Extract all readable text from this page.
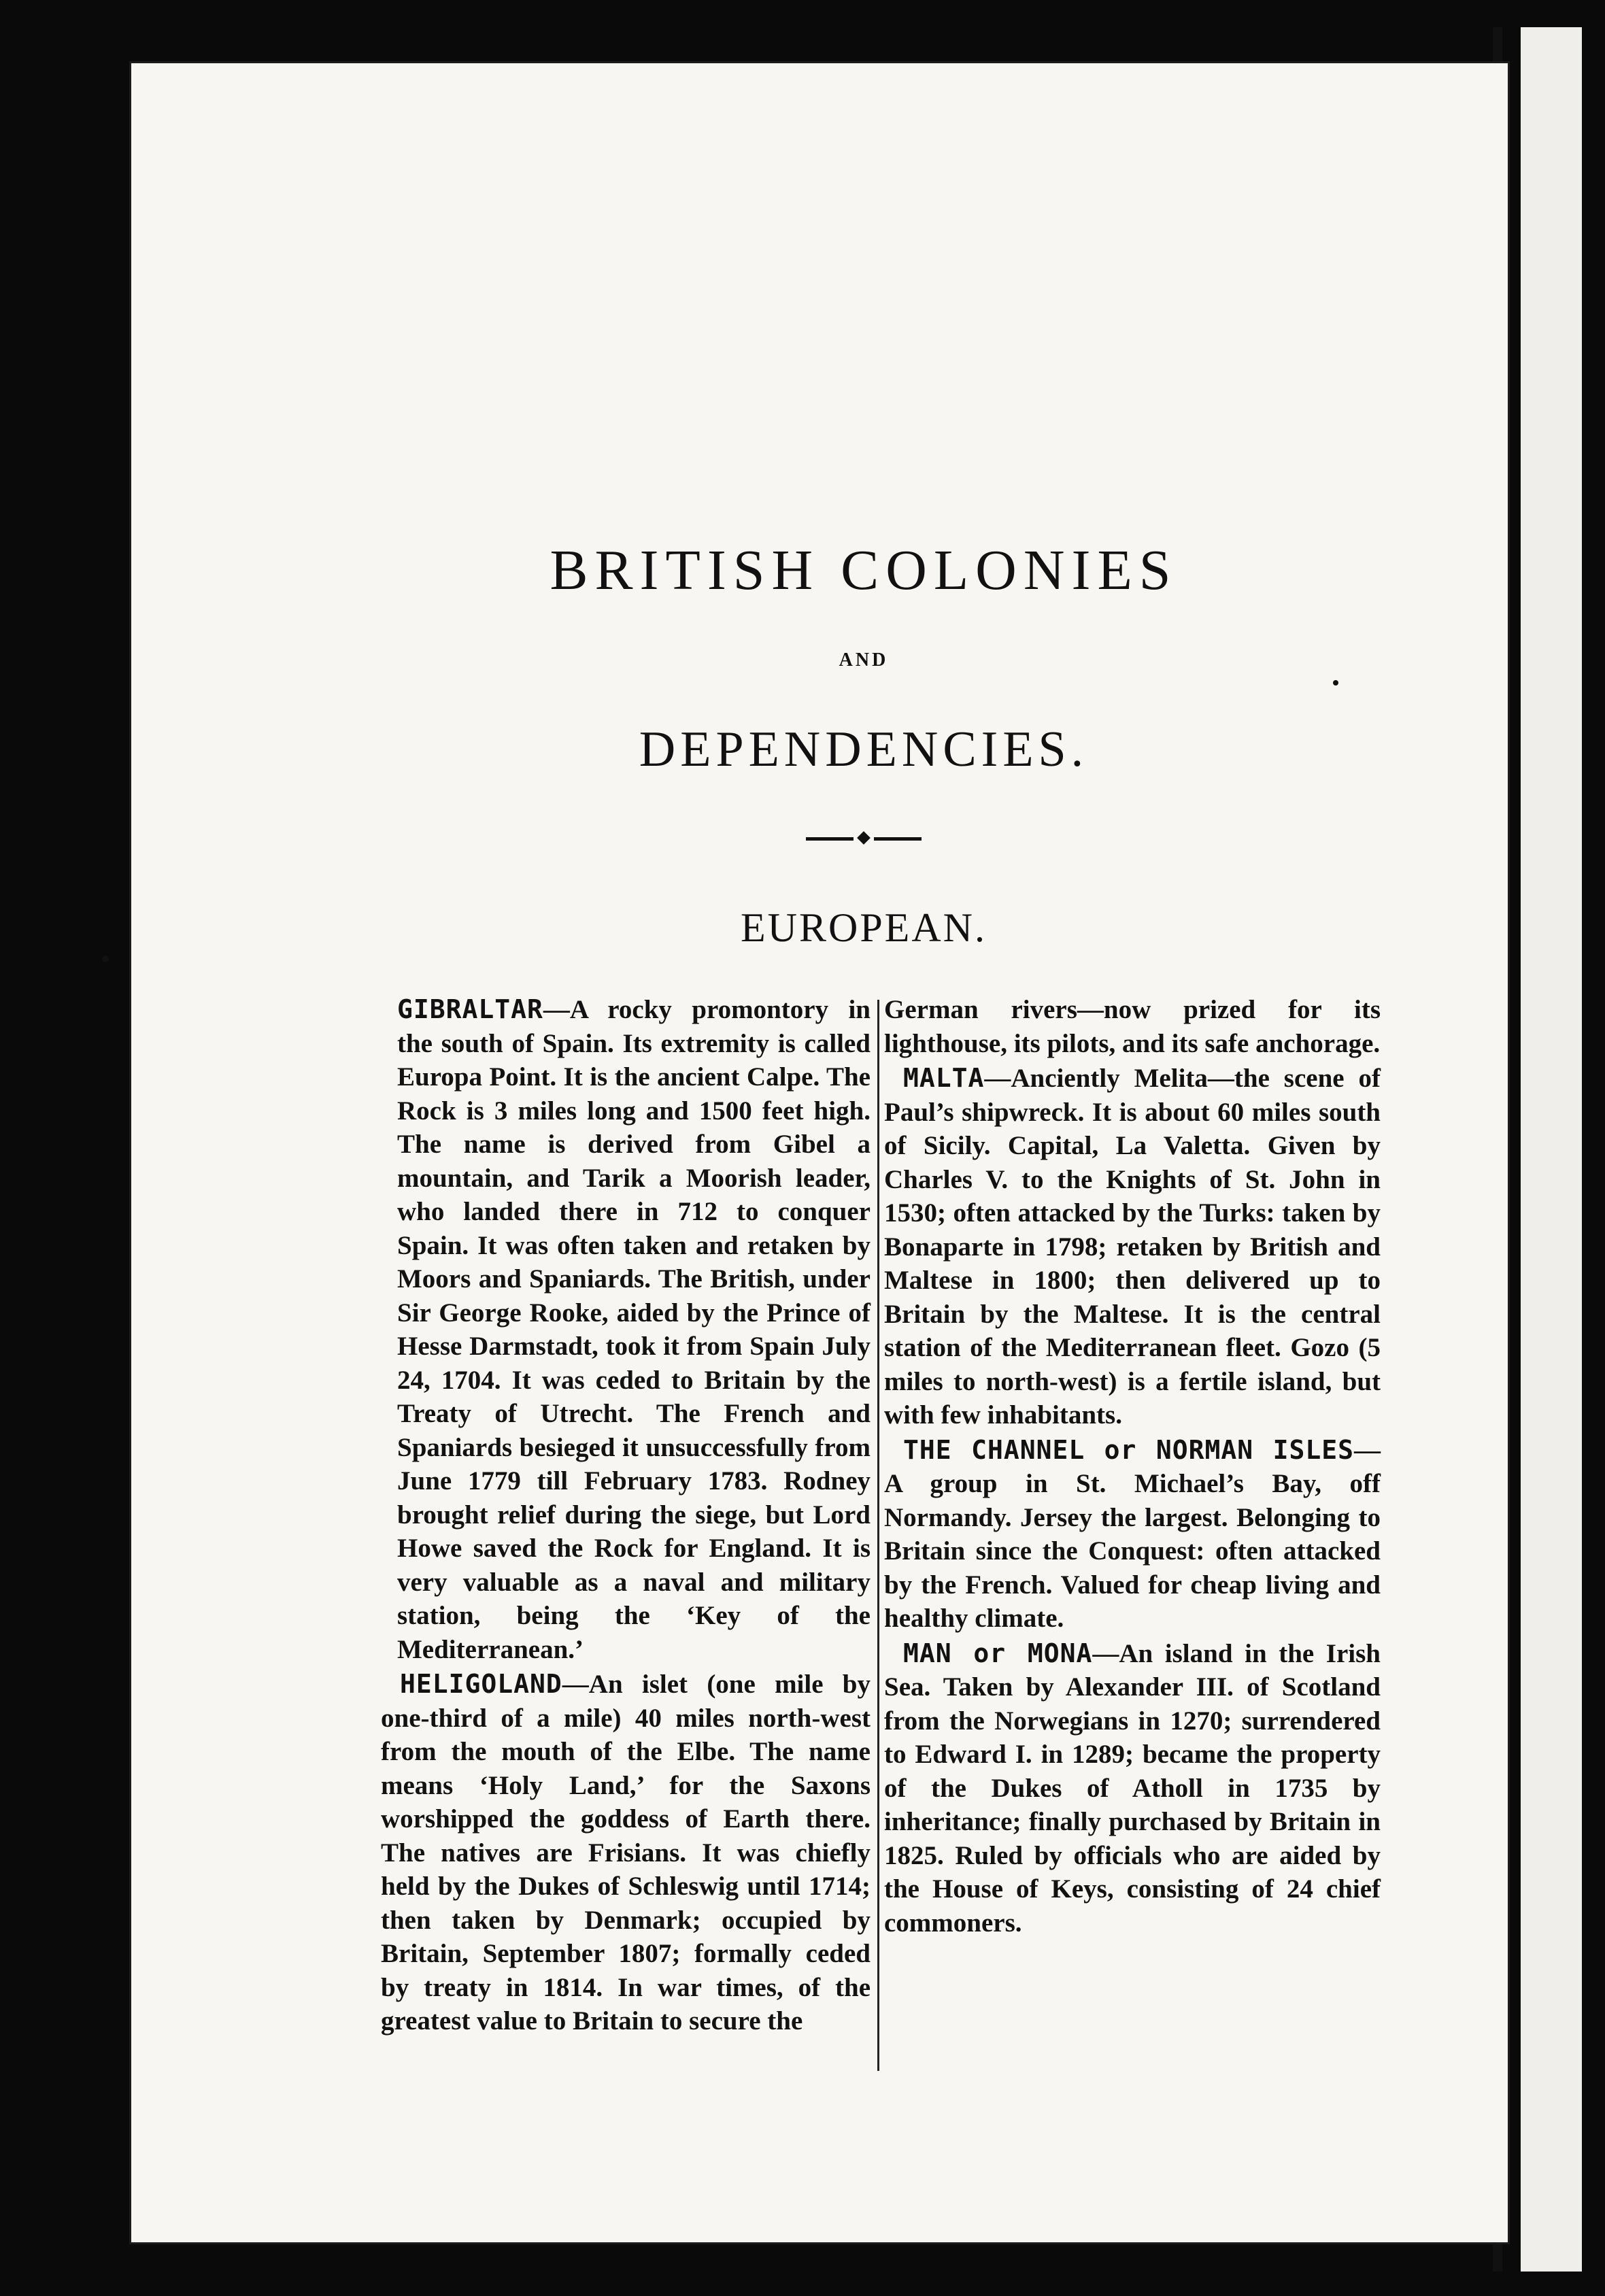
BRITISH COLONIES
AND
DEPENDENCIES.
EUROPEAN.

GIBRALTAR—A rocky promontory in the south of Spain. Its extremity is called Europa Point. It is the ancient Calpe. The Rock is 3 miles long and 1500 feet high. The name is derived from Gibel a mountain, and Tarik a Moorish leader, who landed there in 712 to conquer Spain. It was often taken and retaken by Moors and Spaniards. The British, under Sir George Rooke, aided by the Prince of Hesse Darmstadt, took it from Spain July 24, 1704. It was ceded to Britain by the Treaty of Utrecht. The French and Spaniards besieged it unsuccessfully from June 1779 till February 1783. Rodney brought relief during the siege, but Lord Howe saved the Rock for England. It is very valuable as a naval and military station, being the ‘Key of the Mediterranean.’

HELIGOLAND—An islet (one mile by one-third of a mile) 40 miles north-west from the mouth of the Elbe. The name means ‘Holy Land,’ for the Saxons worshipped the goddess of Earth there. The natives are Frisians. It was chiefly held by the Dukes of Schleswig until 1714; then taken by Denmark; occupied by Britain, September 1807; formally ceded by treaty in 1814. In war times, of the greatest value to Britain to secure the

German rivers—now prized for its lighthouse, its pilots, and its safe anchorage.

MALTA—Anciently Melita—the scene of Paul’s shipwreck. It is about 60 miles south of Sicily. Capital, La Valetta. Given by Charles V. to the Knights of St. John in 1530; often attacked by the Turks: taken by Bonaparte in 1798; retaken by British and Maltese in 1800; then delivered up to Britain by the Maltese. It is the central station of the Mediterranean fleet. Gozo (5 miles to north-west) is a fertile island, but with few inhabitants.

THE CHANNEL or NORMAN ISLES—A group in St. Michael’s Bay, off Normandy. Jersey the largest. Belonging to Britain since the Conquest: often attacked by the French. Valued for cheap living and healthy climate.

MAN or MONA—An island in the Irish Sea. Taken by Alexander III. of Scotland from the Norwegians in 1270; surrendered to Edward I. in 1289; became the property of the Dukes of Atholl in 1735 by inheritance; finally purchased by Britain in 1825. Ruled by officials who are aided by the House of Keys, consisting of 24 chief commoners.
